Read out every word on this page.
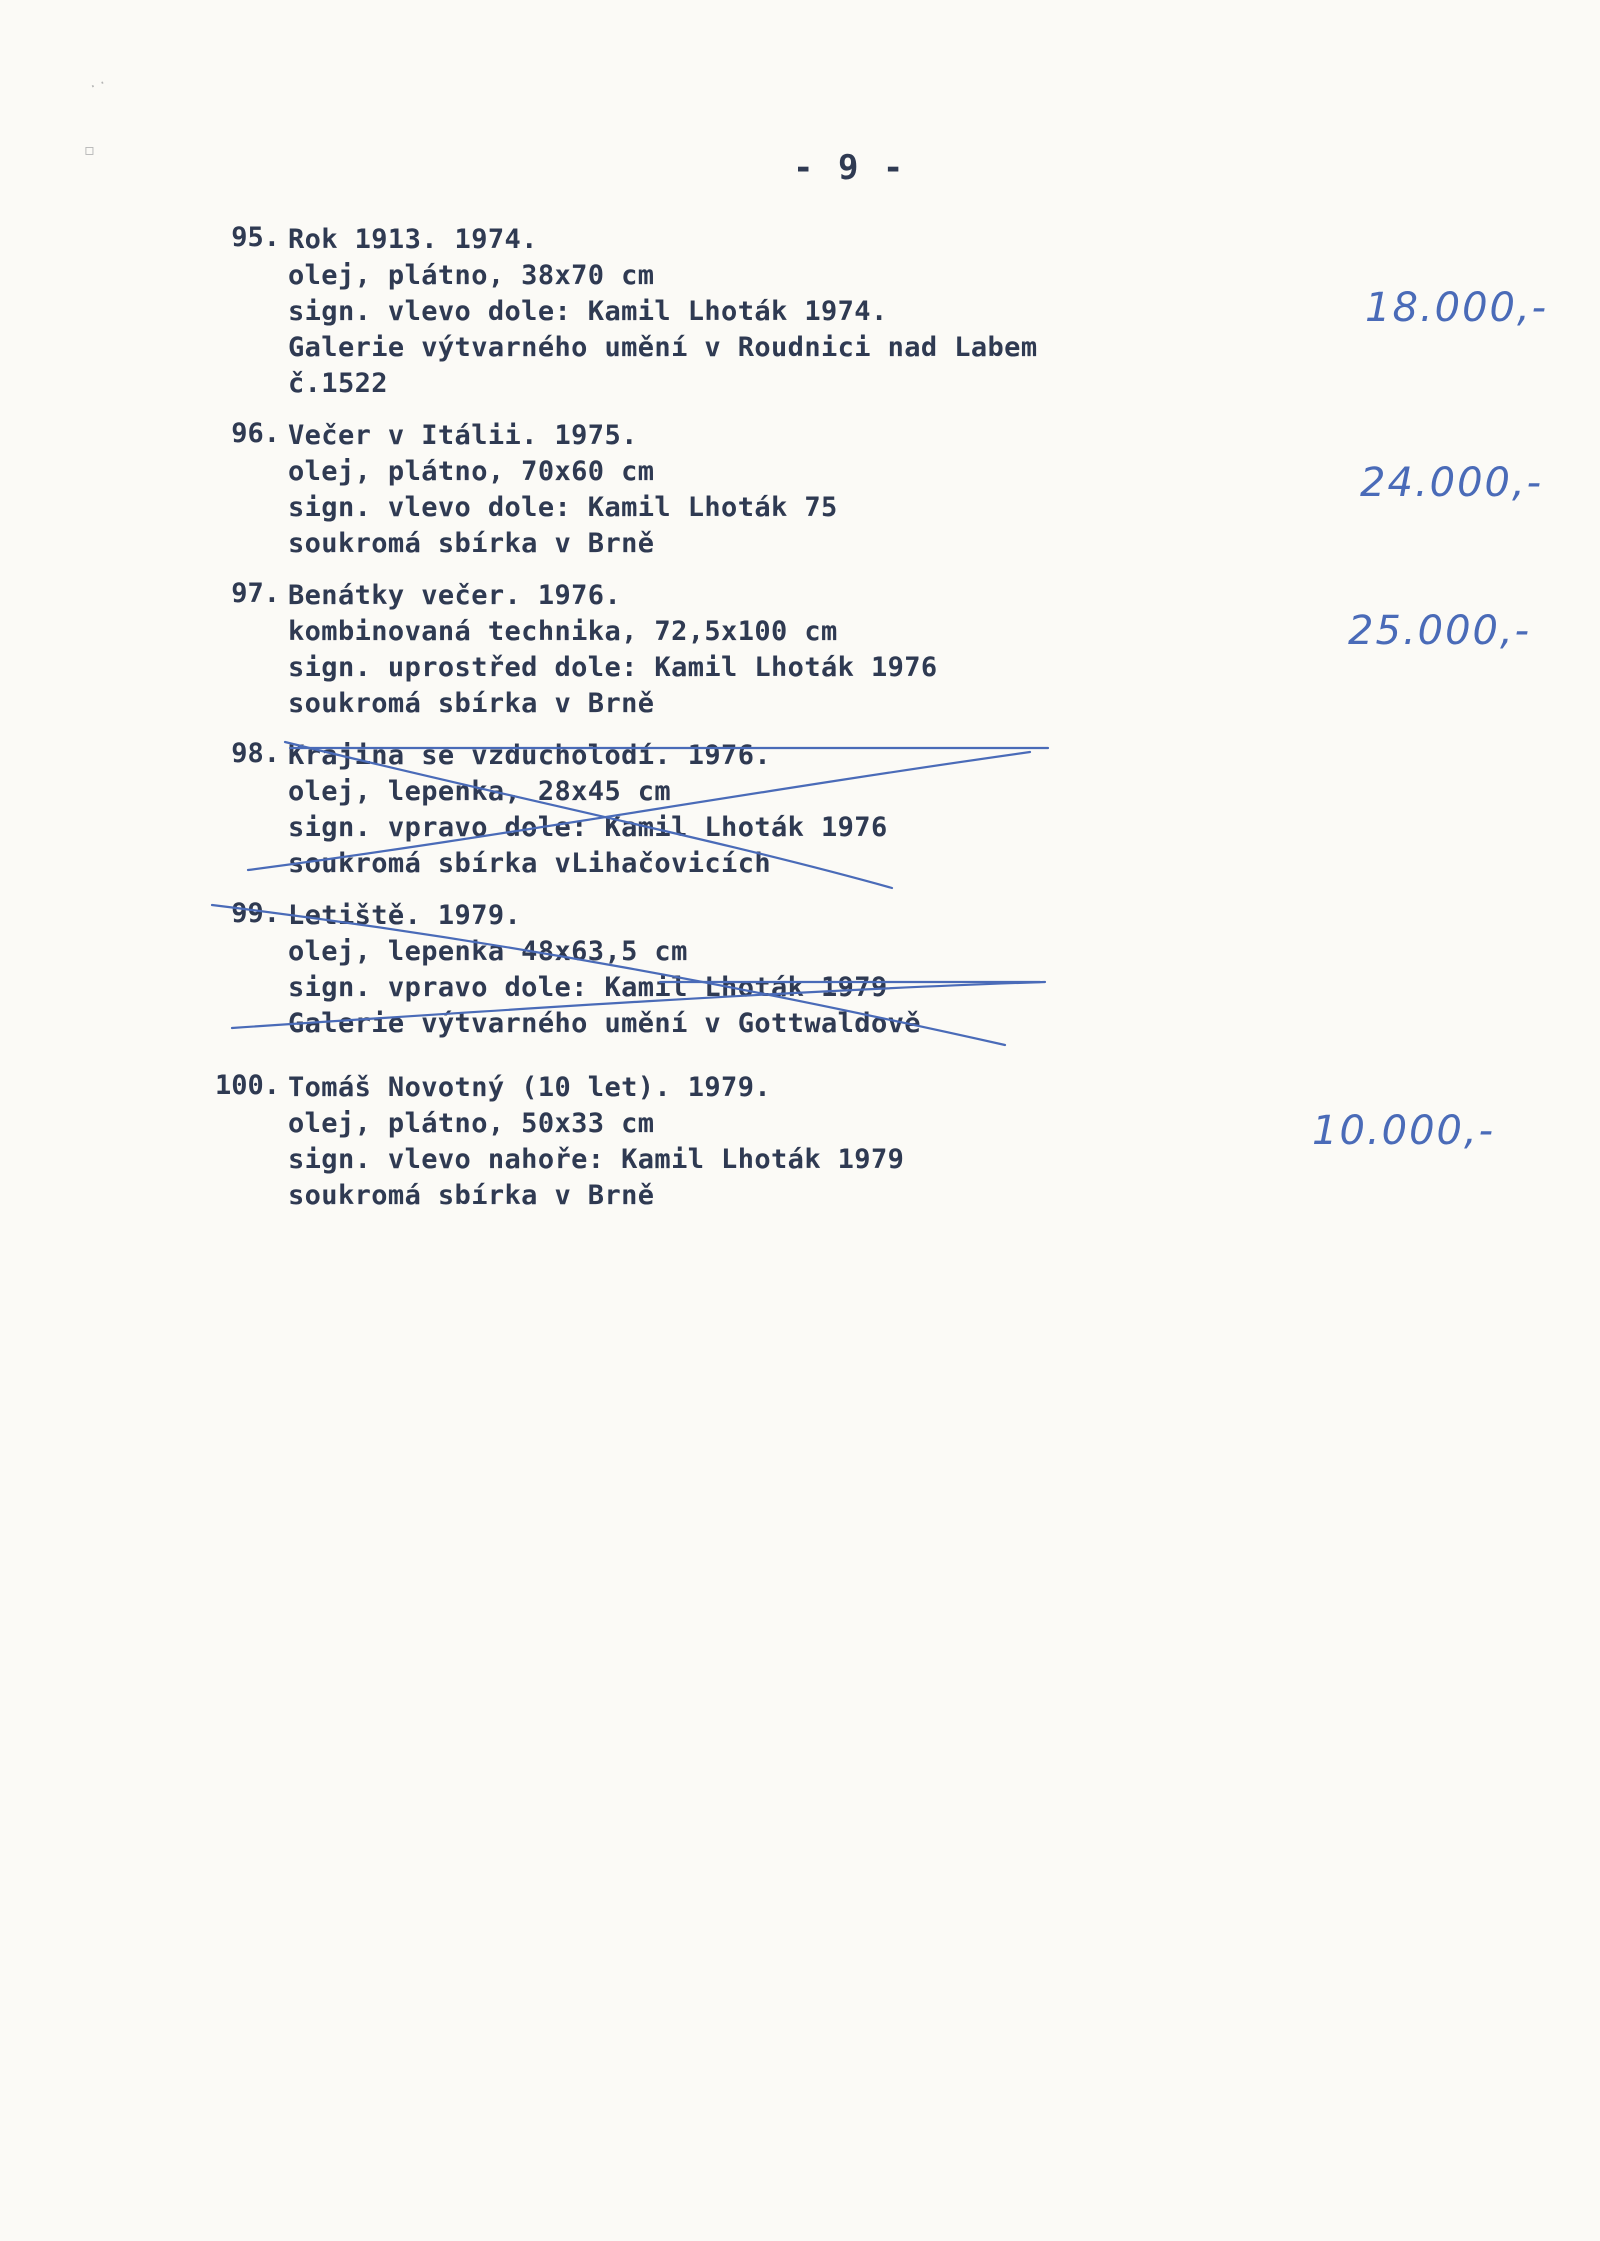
- 9 -
95. Rok 1913. 1974.
olej, plátno, 38x70 cm
sign. vlevo dole: Kamil Lhoták 1974.
Galerie výtvarného umění v Roudnici nad Labem
č.1522
18.000,-
96. Večer v Itálii. 1975.
olej, plátno, 70x60 cm
sign. vlevo dole: Kamil Lhoták 75
soukromá sbírka v Brně
24.000,-
97. Benátky večer. 1976.
kombinovaná technika, 72,5x100 cm
sign. uprostřed dole: Kamil Lhoták 1976
soukromá sbírka v Brně
25.000,-
98. Krajina se vzducholodí. 1976.
olej, lepenka, 28x45 cm
sign. vpravo dole: Kamil Lhoták 1976
soukromá sbírka vLihačovicích
99. Letiště. 1979.
olej, lepenka 48x63,5 cm
sign. vpravo dole: Kamil Lhoták 1979
Galerie výtvarného umění v Gottwaldově
100. Tomáš Novotný (10 let). 1979.
olej, plátno, 50x33 cm
sign. vlevo nahoře: Kamil Lhoták 1979
soukromá sbírka v Brně
10.000,-
· ·
▫
